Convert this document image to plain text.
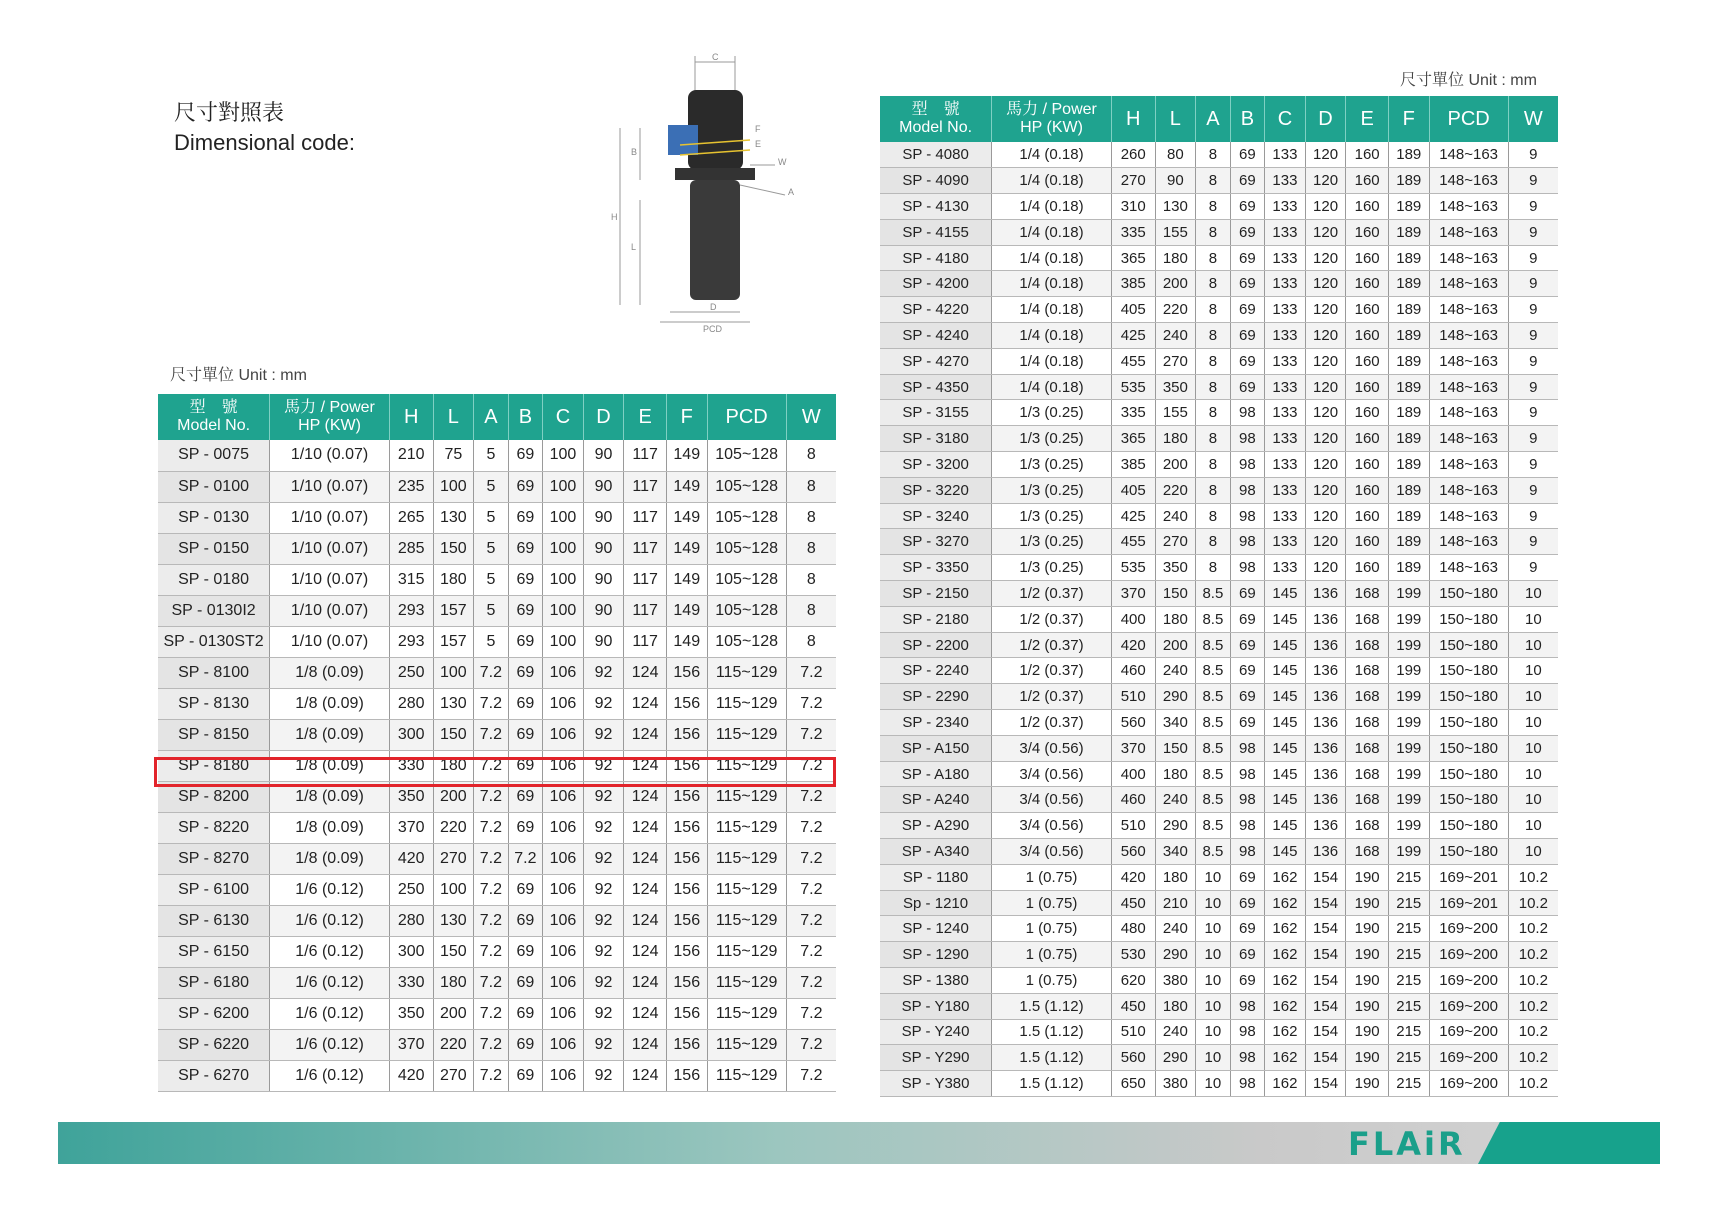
尺寸對照表
Dimensional code:
尺寸單位 Unit : mm
尺寸單位 Unit : mm
C
F
E
W
A
B
H
L
D
PCD
型　號
Model No.	馬力 / Power
HP (KW)	H	L	A	B	C	D	E	F	PCD	W
SP - 0075	1/10 (0.07)	210	75	5	69	100	90	117	149	105~128	8
SP - 0100	1/10 (0.07)	235	100	5	69	100	90	117	149	105~128	8
SP - 0130	1/10 (0.07)	265	130	5	69	100	90	117	149	105~128	8
SP - 0150	1/10 (0.07)	285	150	5	69	100	90	117	149	105~128	8
SP - 0180	1/10 (0.07)	315	180	5	69	100	90	117	149	105~128	8
SP - 0130I2	1/10 (0.07)	293	157	5	69	100	90	117	149	105~128	8
SP - 0130ST2	1/10 (0.07)	293	157	5	69	100	90	117	149	105~128	8
SP - 8100	1/8 (0.09)	250	100	7.2	69	106	92	124	156	115~129	7.2
SP - 8130	1/8 (0.09)	280	130	7.2	69	106	92	124	156	115~129	7.2
SP - 8150	1/8 (0.09)	300	150	7.2	69	106	92	124	156	115~129	7.2
SP - 8180	1/8 (0.09)	330	180	7.2	69	106	92	124	156	115~129	7.2
SP - 8200	1/8 (0.09)	350	200	7.2	69	106	92	124	156	115~129	7.2
SP - 8220	1/8 (0.09)	370	220	7.2	69	106	92	124	156	115~129	7.2
SP - 8270	1/8 (0.09)	420	270	7.2	7.2	106	92	124	156	115~129	7.2
SP - 6100	1/6 (0.12)	250	100	7.2	69	106	92	124	156	115~129	7.2
SP - 6130	1/6 (0.12)	280	130	7.2	69	106	92	124	156	115~129	7.2
SP - 6150	1/6 (0.12)	300	150	7.2	69	106	92	124	156	115~129	7.2
SP - 6180	1/6 (0.12)	330	180	7.2	69	106	92	124	156	115~129	7.2
SP - 6200	1/6 (0.12)	350	200	7.2	69	106	92	124	156	115~129	7.2
SP - 6220	1/6 (0.12)	370	220	7.2	69	106	92	124	156	115~129	7.2
SP - 6270	1/6 (0.12)	420	270	7.2	69	106	92	124	156	115~129	7.2
型　號
Model No.	馬力 / Power
HP (KW)	H	L	A	B	C	D	E	F	PCD	W
SP - 4080	1/4 (0.18)	260	80	8	69	133	120	160	189	148~163	9
SP - 4090	1/4 (0.18)	270	90	8	69	133	120	160	189	148~163	9
SP - 4130	1/4 (0.18)	310	130	8	69	133	120	160	189	148~163	9
SP - 4155	1/4 (0.18)	335	155	8	69	133	120	160	189	148~163	9
SP - 4180	1/4 (0.18)	365	180	8	69	133	120	160	189	148~163	9
SP - 4200	1/4 (0.18)	385	200	8	69	133	120	160	189	148~163	9
SP - 4220	1/4 (0.18)	405	220	8	69	133	120	160	189	148~163	9
SP - 4240	1/4 (0.18)	425	240	8	69	133	120	160	189	148~163	9
SP - 4270	1/4 (0.18)	455	270	8	69	133	120	160	189	148~163	9
SP - 4350	1/4 (0.18)	535	350	8	69	133	120	160	189	148~163	9
SP - 3155	1/3 (0.25)	335	155	8	98	133	120	160	189	148~163	9
SP - 3180	1/3 (0.25)	365	180	8	98	133	120	160	189	148~163	9
SP - 3200	1/3 (0.25)	385	200	8	98	133	120	160	189	148~163	9
SP - 3220	1/3 (0.25)	405	220	8	98	133	120	160	189	148~163	9
SP - 3240	1/3 (0.25)	425	240	8	98	133	120	160	189	148~163	9
SP - 3270	1/3 (0.25)	455	270	8	98	133	120	160	189	148~163	9
SP - 3350	1/3 (0.25)	535	350	8	98	133	120	160	189	148~163	9
SP - 2150	1/2 (0.37)	370	150	8.5	69	145	136	168	199	150~180	10
SP - 2180	1/2 (0.37)	400	180	8.5	69	145	136	168	199	150~180	10
SP - 2200	1/2 (0.37)	420	200	8.5	69	145	136	168	199	150~180	10
SP - 2240	1/2 (0.37)	460	240	8.5	69	145	136	168	199	150~180	10
SP - 2290	1/2 (0.37)	510	290	8.5	69	145	136	168	199	150~180	10
SP - 2340	1/2 (0.37)	560	340	8.5	69	145	136	168	199	150~180	10
SP - A150	3/4 (0.56)	370	150	8.5	98	145	136	168	199	150~180	10
SP - A180	3/4 (0.56)	400	180	8.5	98	145	136	168	199	150~180	10
SP - A240	3/4 (0.56)	460	240	8.5	98	145	136	168	199	150~180	10
SP - A290	3/4 (0.56)	510	290	8.5	98	145	136	168	199	150~180	10
SP - A340	3/4 (0.56)	560	340	8.5	98	145	136	168	199	150~180	10
SP - 1180	1 (0.75)	420	180	10	69	162	154	190	215	169~201	10.2
Sp - 1210	1 (0.75)	450	210	10	69	162	154	190	215	169~201	10.2
SP - 1240	1 (0.75)	480	240	10	69	162	154	190	215	169~200	10.2
SP - 1290	1 (0.75)	530	290	10	69	162	154	190	215	169~200	10.2
SP - 1380	1 (0.75)	620	380	10	69	162	154	190	215	169~200	10.2
SP - Y180	1.5 (1.12)	450	180	10	98	162	154	190	215	169~200	10.2
SP - Y240	1.5 (1.12)	510	240	10	98	162	154	190	215	169~200	10.2
SP - Y290	1.5 (1.12)	560	290	10	98	162	154	190	215	169~200	10.2
SP - Y380	1.5 (1.12)	650	380	10	98	162	154	190	215	169~200	10.2
FLAiR
